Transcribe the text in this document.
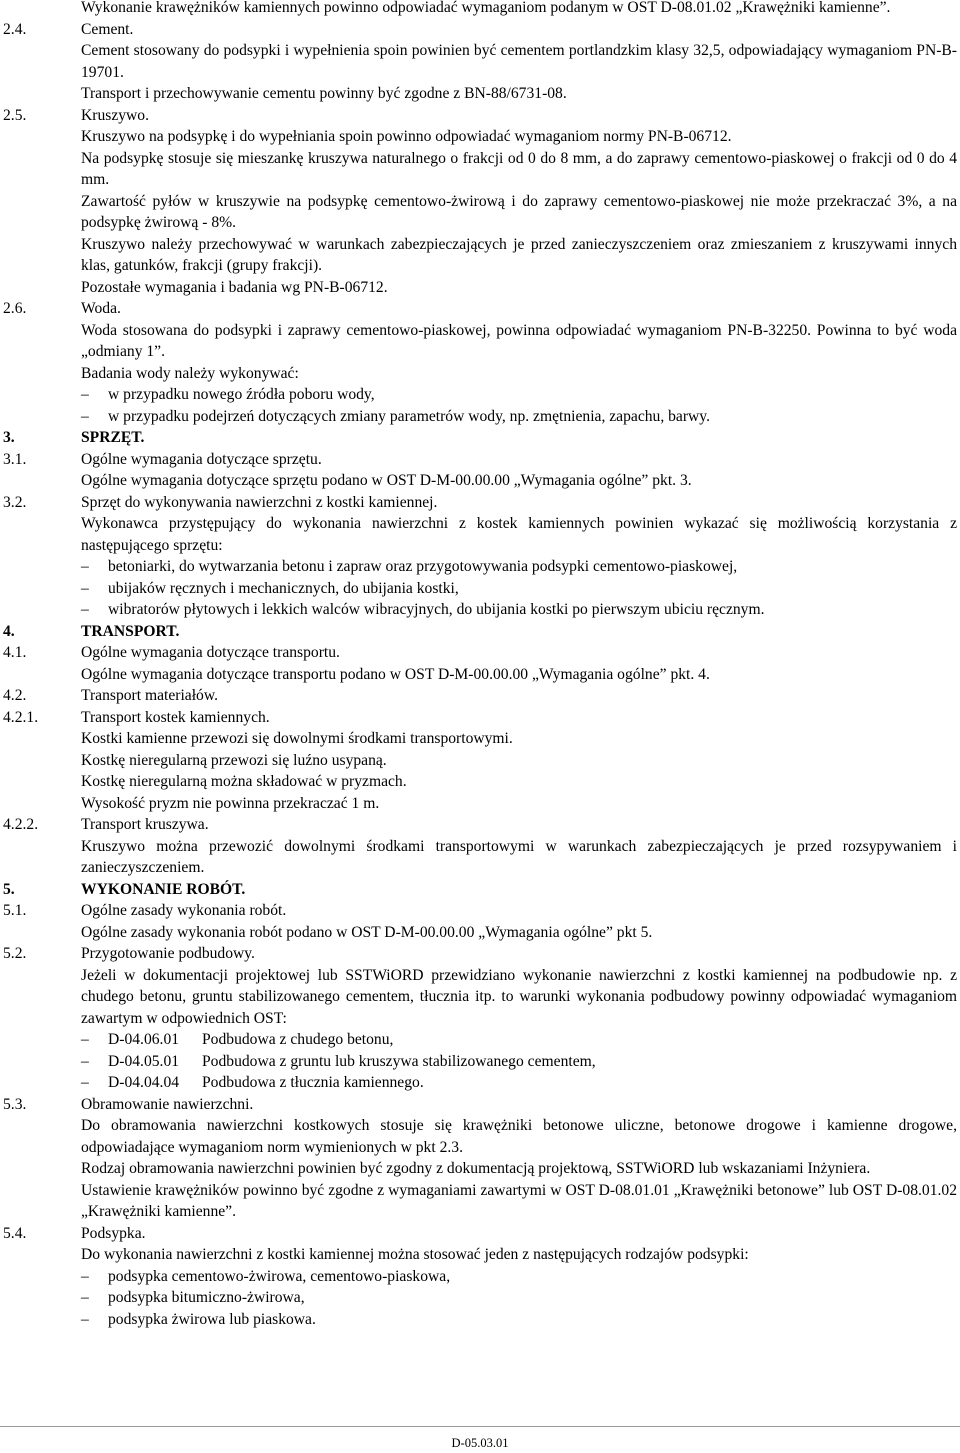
Wykonanie krawężników kamiennych powinno odpowiadać wymaganiom podanym w OST D-08.01.02 „Krawężniki kamienne”.
2.4.	Cement.
Cement stosowany do podsypki i wypełnienia spoin powinien być cementem portlandzkim klasy 32,5, odpowiadający wymaganiom PN-B-19701.
Transport i przechowywanie cementu powinny być zgodne z BN-88/6731-08.
2.5.	Kruszywo.
Kruszywo na podsypkę i do wypełniania spoin powinno odpowiadać wymaganiom normy PN-B-06712.
Na podsypkę stosuje się mieszankę kruszywa naturalnego o frakcji od 0 do 8 mm, a do zaprawy cementowo-piaskowej o frakcji od 0 do 4 mm.
Zawartość pyłów w kruszywie na podsypkę cementowo-żwirową i do zaprawy cementowo-piaskowej nie może przekraczać 3%, a na podsypkę żwirową - 8%.
Kruszywo należy przechowywać w warunkach zabezpieczających je przed zanieczyszczeniem oraz zmieszaniem z kruszywami innych klas, gatunków, frakcji (grupy frakcji).
Pozostałe wymagania i badania wg PN-B-06712.
2.6.	Woda.
Woda stosowana do podsypki i zaprawy cementowo-piaskowej, powinna odpowiadać wymaganiom PN-B-32250. Powinna to być woda „odmiany 1”.
Badania wody należy wykonywać:
– w przypadku nowego źródła poboru wody,
– w przypadku podejrzeń dotyczących zmiany parametrów wody, np. zmętnienia, zapachu, barwy.
3.	SPRZĘT.
3.1.	Ogólne wymagania dotyczące sprzętu.
Ogólne wymagania dotyczące sprzętu podano w OST D-M-00.00.00 „Wymagania ogólne” pkt. 3.
3.2.	Sprzęt do wykonywania nawierzchni z kostki kamiennej.
Wykonawca przystępujący do wykonania nawierzchni z kostek kamiennych powinien wykazać się możliwością korzystania z następującego sprzętu:
– betoniarki, do wytwarzania betonu i zapraw oraz przygotowywania podsypki cementowo-piaskowej,
– ubijaków ręcznych i mechanicznych, do ubijania kostki,
– wibratorów płytowych i lekkich walców wibracyjnych, do ubijania kostki po pierwszym ubiciu ręcznym.
4.	TRANSPORT.
4.1.	Ogólne wymagania dotyczące transportu.
Ogólne wymagania dotyczące transportu podano w OST D-M-00.00.00 „Wymagania ogólne” pkt. 4.
4.2.	Transport materiałów.
4.2.1.	Transport kostek kamiennych.
Kostki kamienne przewozi się dowolnymi środkami transportowymi.
Kostkę nieregularną przewozi się luźno usypaną.
Kostkę nieregularną można składować w pryzmach.
Wysokość pryzm nie powinna przekraczać 1 m.
4.2.2.	Transport kruszywa.
Kruszywo można przewozić dowolnymi środkami transportowymi w warunkach zabezpieczających je przed rozsypywaniem i zanieczyszczeniem.
5.	WYKONANIE ROBÓT.
5.1.	Ogólne zasady wykonania robót.
Ogólne zasady wykonania robót podano w OST D-M-00.00.00 „Wymagania ogólne” pkt 5.
5.2.	Przygotowanie podbudowy.
Jeżeli w dokumentacji projektowej lub SSTWiORD przewidziano wykonanie nawierzchni z kostki kamiennej na podbudowie np. z chudego betonu, gruntu stabilizowanego cementem, tłucznia itp. to warunki wykonania podbudowy powinny odpowiadać wymaganiom zawartym w odpowiednich OST:
– D-04.06.01 Podbudowa z chudego betonu,
– D-04.05.01 Podbudowa z gruntu lub kruszywa stabilizowanego cementem,
– D-04.04.04 Podbudowa z tłucznia kamiennego.
5.3.	Obramowanie nawierzchni.
Do obramowania nawierzchni kostkowych stosuje się krawężniki betonowe uliczne, betonowe drogowe i kamienne drogowe, odpowiadające wymaganiom norm wymienionych w pkt 2.3.
Rodzaj obramowania nawierzchni powinien być zgodny z dokumentacją projektową, SSTWiORD lub wskazaniami Inżyniera.
Ustawienie krawężników powinno być zgodne z wymaganiami zawartymi w OST D-08.01.01 „Krawężniki betonowe” lub OST D-08.01.02 „Krawężniki kamienne”.
5.4.	Podsypka.
Do wykonania nawierzchni z kostki kamiennej można stosować jeden z następujących rodzajów podsypki:
– podsypka cementowo-żwirowa, cementowo-piaskowa,
– podsypka bitumiczno-żwirowa,
– podsypka żwirowa lub piaskowa.
D-05.03.01
